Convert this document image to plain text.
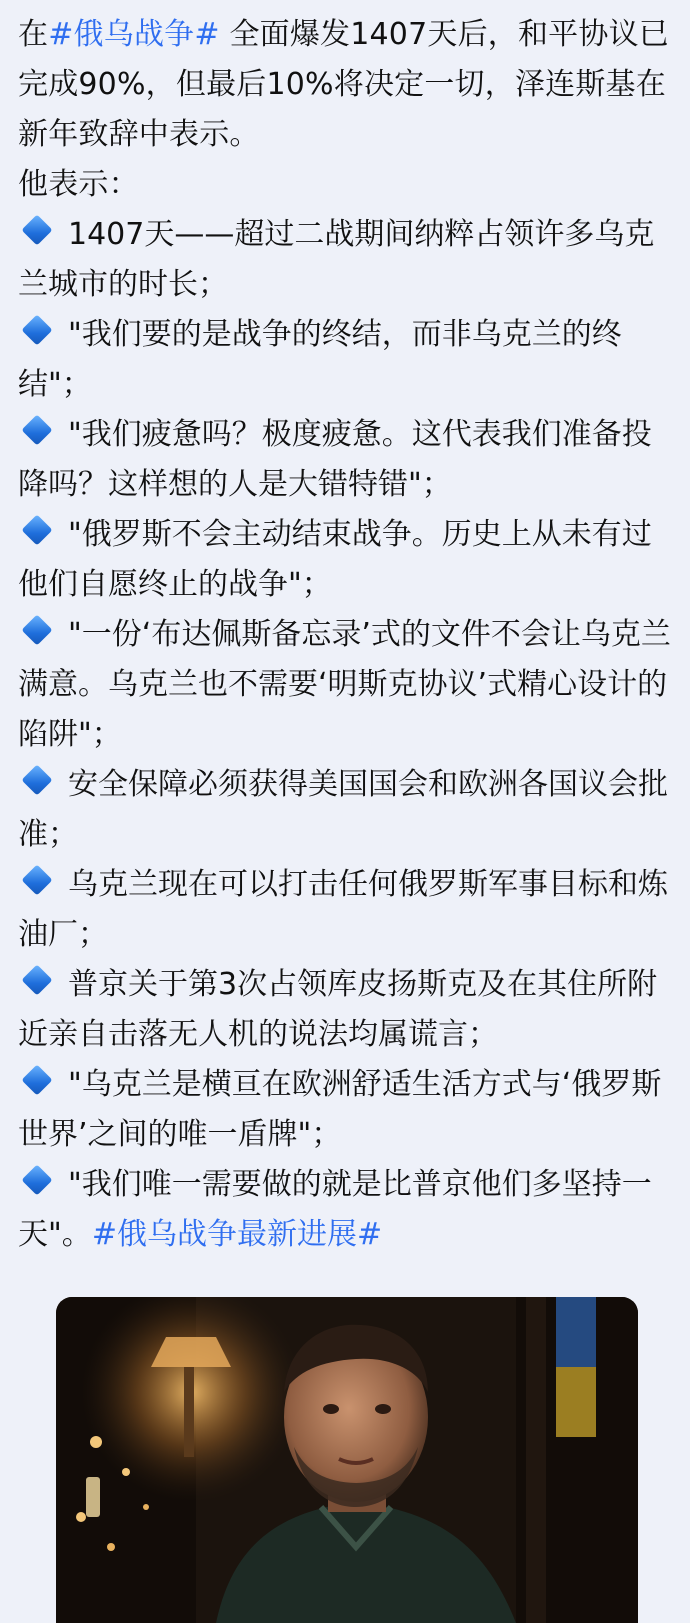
在#俄乌战争# 全面爆发1407天后，和平协议已完成90%，但最后10%将决定一切，泽连斯基在新年致辞中表示。

他表示：

1407天——超过二战期间纳粹占领许多乌克兰城市的时长；
"我们要的是战争的终结，而非乌克兰的终结"；
"我们疲惫吗？极度疲惫。这代表我们准备投降吗？这样想的人是大错特错"；
"俄罗斯不会主动结束战争。历史上从未有过他们自愿终止的战争"；
"一份‘布达佩斯备忘录’式的文件不会让乌克兰满意。乌克兰也不需要‘明斯克协议’式精心设计的陷阱"；
安全保障必须获得美国国会和欧洲各国议会批准；
乌克兰现在可以打击任何俄罗斯军事目标和炼油厂；
普京关于第3次占领库皮扬斯克及在其住所附近亲自击落无人机的说法均属谎言；
"乌克兰是横亘在欧洲舒适生活方式与‘俄罗斯世界’之间的唯一盾牌"；
"我们唯一需要做的就是比普京他们多坚持一天"。#俄乌战争最新进展#
